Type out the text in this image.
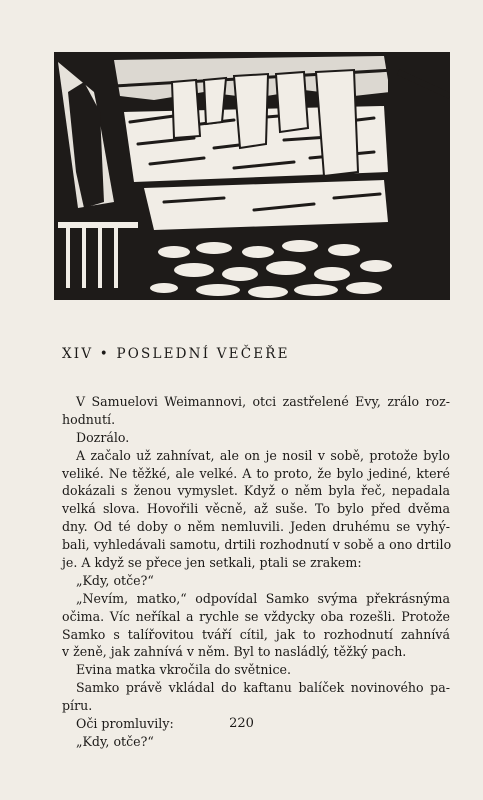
XIV • POSLEDNÍ VEČEŘE
V Samuelovi Weimannovi, otci zastřelené Evy, zrálo roz-
hodnutí.
Dozrálo.
A začalo už zahnívat, ale on je nosil v sobě, protože bylo
veliké. Ne těžké, ale velké. A to proto, že bylo jediné, které
dokázali s ženou vymyslet. Když o něm byla řeč, nepadala
velká slova. Hovořili věcně, až suše. To bylo před dvěma
dny. Od té doby o něm nemluvili. Jeden druhému se vyhý-
bali, vyhledávali samotu, drtili rozhodnutí v sobě a ono drtilo
je. A když se přece jen setkali, ptali se zrakem:
„Kdy, otče?“
„Nevím, matko,“ odpovídal Samko svýma překrásnýma
očima. Víc neříkal a rychle se vždycky oba rozešli. Protože
Samko s talířovitou tváří cítil, jak to rozhodnutí zahnívá
v ženě, jak zahnívá v něm. Byl to nasládlý, těžký pach.
Evina matka vkročila do světnice.
Samko právě vkládal do kaftanu balíček novinového pa-
píru.
Oči promluvily:
„Kdy, otče?“
220
